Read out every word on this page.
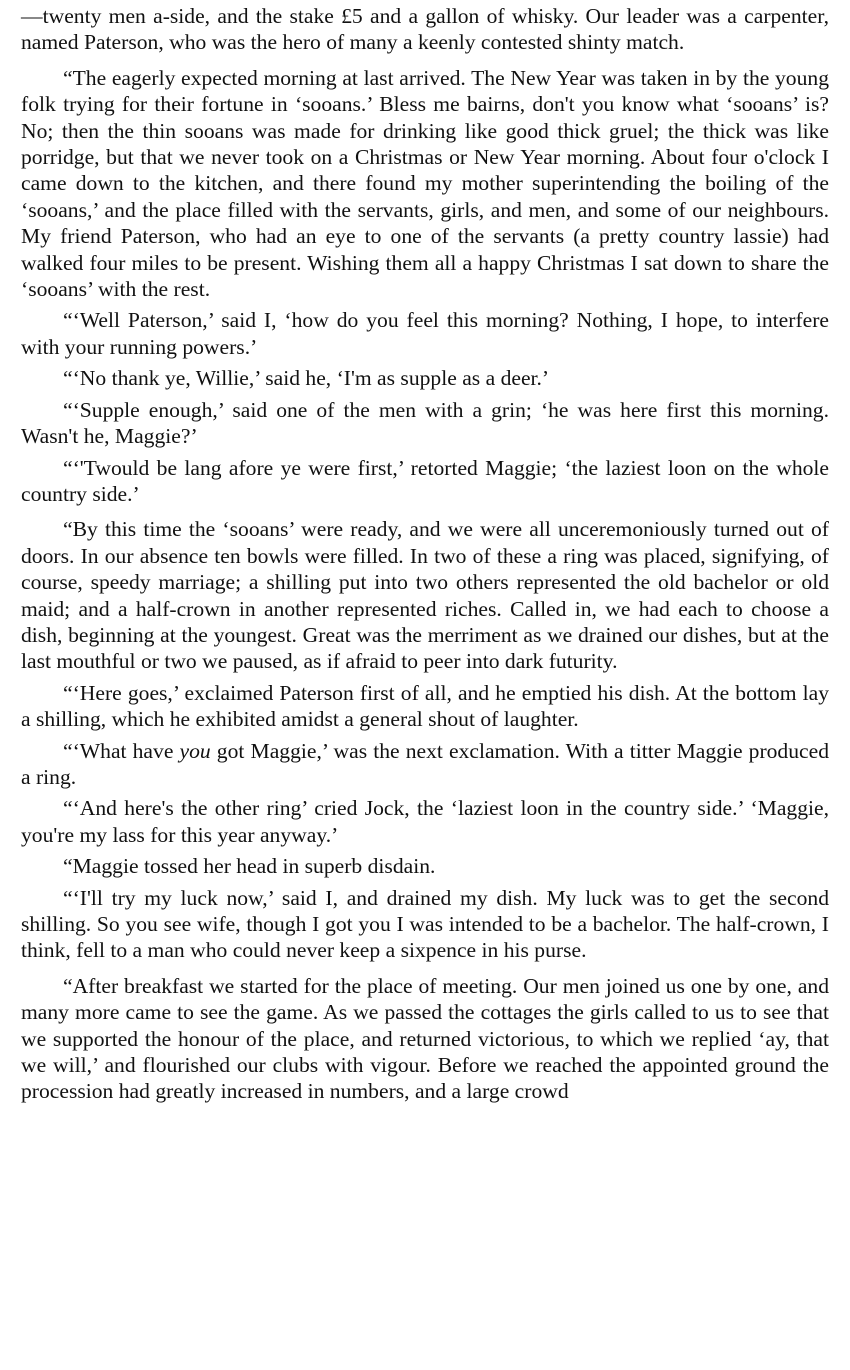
—twenty men a-side, and the stake £5 and a gallon of whisky. Our leader was a carpenter, named Paterson, who was the hero of many a keenly contested shinty match.

“The eagerly expected morning at last arrived. The New Year was taken in by the young folk trying for their fortune in ‘sooans.’ Bless me bairns, don't you know what ‘sooans’ is? No; then the thin sooans was made for drinking like good thick gruel; the thick was like porridge, but that we never took on a Christmas or New Year morning. About four o'clock I came down to the kitchen, and there found my mother superintending the boiling of the ‘sooans,’ and the place filled with the servants, girls, and men, and some of our neighbours. My friend Paterson, who had an eye to one of the servants (a pretty country lassie) had walked four miles to be present. Wishing them all a happy Christmas I sat down to share the ‘sooans’ with the rest.

“‘Well Paterson,’ said I, ‘how do you feel this morning? Nothing, I hope, to interfere with your running powers.’

“‘No thank ye, Willie,’ said he, ‘I'm as supple as a deer.’

“‘Supple enough,’ said one of the men with a grin; ‘he was here first this morning. Wasn't he, Maggie?’

“‘'Twould be lang afore ye were first,’ retorted Maggie; ‘the laziest loon on the whole country side.’

“By this time the ‘sooans’ were ready, and we were all unceremoniously turned out of doors. In our absence ten bowls were filled. In two of these a ring was placed, signifying, of course, speedy marriage; a shilling put into two others represented the old bachelor or old maid; and a half-crown in another represented riches. Called in, we had each to choose a dish, beginning at the youngest. Great was the merriment as we drained our dishes, but at the last mouthful or two we paused, as if afraid to peer into dark futurity.

“‘Here goes,’ exclaimed Paterson first of all, and he emptied his dish. At the bottom lay a shilling, which he exhibited amidst a general shout of laughter.

“‘What have you got Maggie,’ was the next exclamation. With a titter Maggie produced a ring.

“‘And here's the other ring’ cried Jock, the ‘laziest loon in the country side.’ ‘Maggie, you're my lass for this year anyway.’

“Maggie tossed her head in superb disdain.

“‘I'll try my luck now,’ said I, and drained my dish. My luck was to get the second shilling. So you see wife, though I got you I was intended to be a bachelor. The half-crown, I think, fell to a man who could never keep a sixpence in his purse.

“After breakfast we started for the place of meeting. Our men joined us one by one, and many more came to see the game. As we passed the cottages the girls called to us to see that we supported the honour of the place, and returned victorious, to which we replied ‘ay, that we will,’ and flourished our clubs with vigour. Before we reached the appointed ground the procession had greatly increased in numbers, and a large crowd
